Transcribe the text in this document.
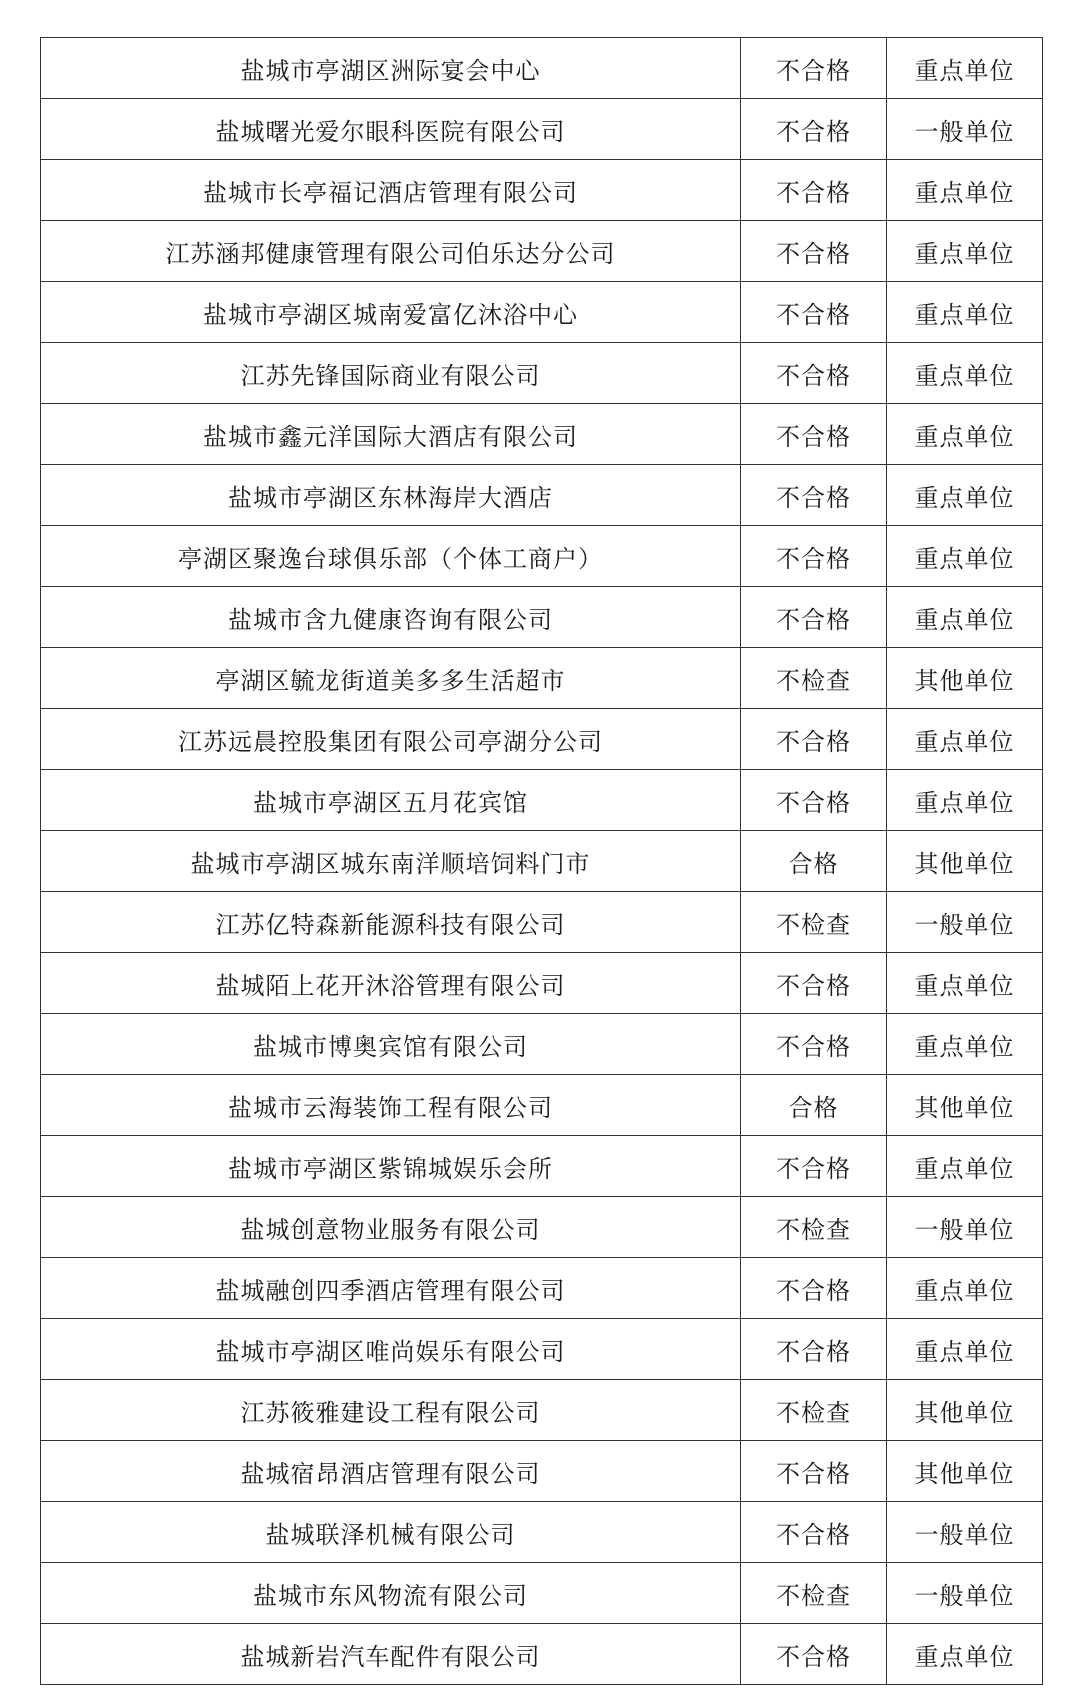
盐城市亭湖区洲际宴会中心	不合格	重点单位
盐城曙光爱尔眼科医院有限公司	不合格	一般单位
盐城市长亭福记酒店管理有限公司	不合格	重点单位
江苏涵邦健康管理有限公司伯乐达分公司	不合格	重点单位
盐城市亭湖区城南爱富亿沐浴中心	不合格	重点单位
江苏先锋国际商业有限公司	不合格	重点单位
盐城市鑫元洋国际大酒店有限公司	不合格	重点单位
盐城市亭湖区东林海岸大酒店	不合格	重点单位
亭湖区聚逸台球俱乐部（个体工商户）	不合格	重点单位
盐城市含九健康咨询有限公司	不合格	重点单位
亭湖区毓龙街道美多多生活超市	不检查	其他单位
江苏远晨控股集团有限公司亭湖分公司	不合格	重点单位
盐城市亭湖区五月花宾馆	不合格	重点单位
盐城市亭湖区城东南洋顺培饲料门市	合格	其他单位
江苏亿特森新能源科技有限公司	不检查	一般单位
盐城陌上花开沐浴管理有限公司	不合格	重点单位
盐城市博奥宾馆有限公司	不合格	重点单位
盐城市云海装饰工程有限公司	合格	其他单位
盐城市亭湖区紫锦城娱乐会所	不合格	重点单位
盐城创意物业服务有限公司	不检查	一般单位
盐城融创四季酒店管理有限公司	不合格	重点单位
盐城市亭湖区唯尚娱乐有限公司	不合格	重点单位
江苏筱雅建设工程有限公司	不检查	其他单位
盐城宿昂酒店管理有限公司	不合格	其他单位
盐城联泽机械有限公司	不合格	一般单位
盐城市东风物流有限公司	不检查	一般单位
盐城新岩汽车配件有限公司	不合格	重点单位
